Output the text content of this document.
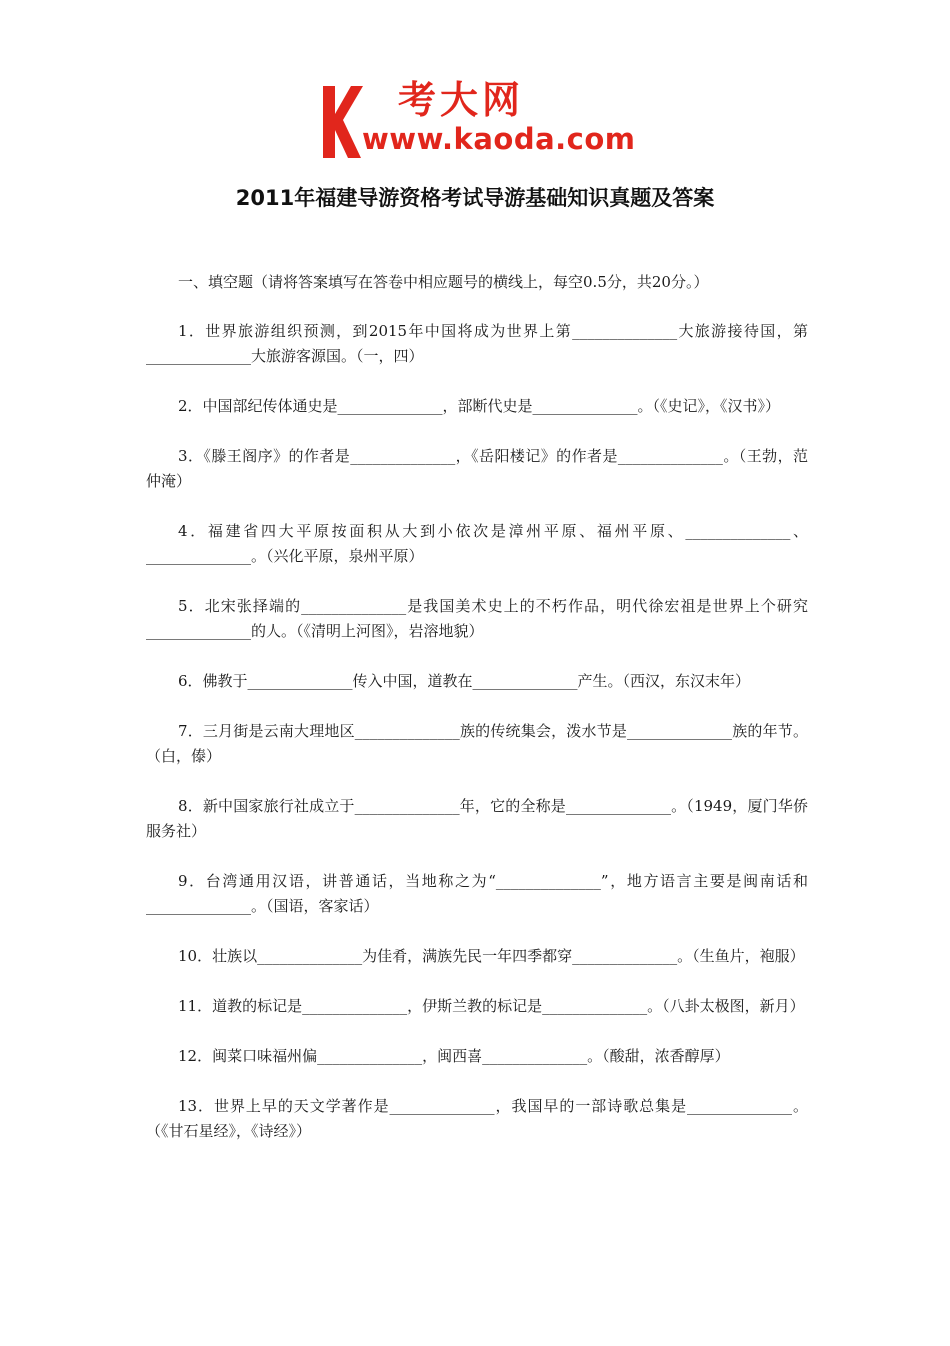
考大网
www.kaoda.com
2011年福建导游资格考试导游基础知识真题及答案

一、填空题（请将答案填写在答卷中相应题号的横线上，每空0.5分，共20分。）

1．世界旅游组织预测，到2015年中国将成为世界上第______________大旅游接待国，第______________大旅游客源国。（一，四）

2．中国部纪传体通史是______________，部断代史是______________。（《史记》，《汉书》）

3．《滕王阁序》的作者是______________，《岳阳楼记》的作者是______________。（王勃，范仲淹）

4．福建省四大平原按面积从大到小依次是漳州平原、福州平原、______________、______________。（兴化平原，泉州平原）

5．北宋张择端的______________是我国美术史上的不朽作品，明代徐宏祖是世界上个研究______________的人。（《清明上河图》，岩溶地貌）

6．佛教于______________传入中国，道教在______________产生。（西汉，东汉末年）

7．三月街是云南大理地区______________族的传统集会，泼水节是______________族的年节。（白，傣）

8．新中国家旅行社成立于______________年，它的全称是______________。（1949，厦门华侨服务社）

9．台湾通用汉语，讲普通话，当地称之为“______________”，地方语言主要是闽南话和______________。（国语，客家话）

10．壮族以______________为佳肴，满族先民一年四季都穿______________。（生鱼片，袍服）

11．道教的标记是______________，伊斯兰教的标记是______________。（八卦太极图，新月）

12．闽菜口味福州偏______________，闽西喜______________。（酸甜，浓香醇厚）

13．世界上早的天文学著作是______________，我国早的一部诗歌总集是______________。（《甘石星经》，《诗经》）
